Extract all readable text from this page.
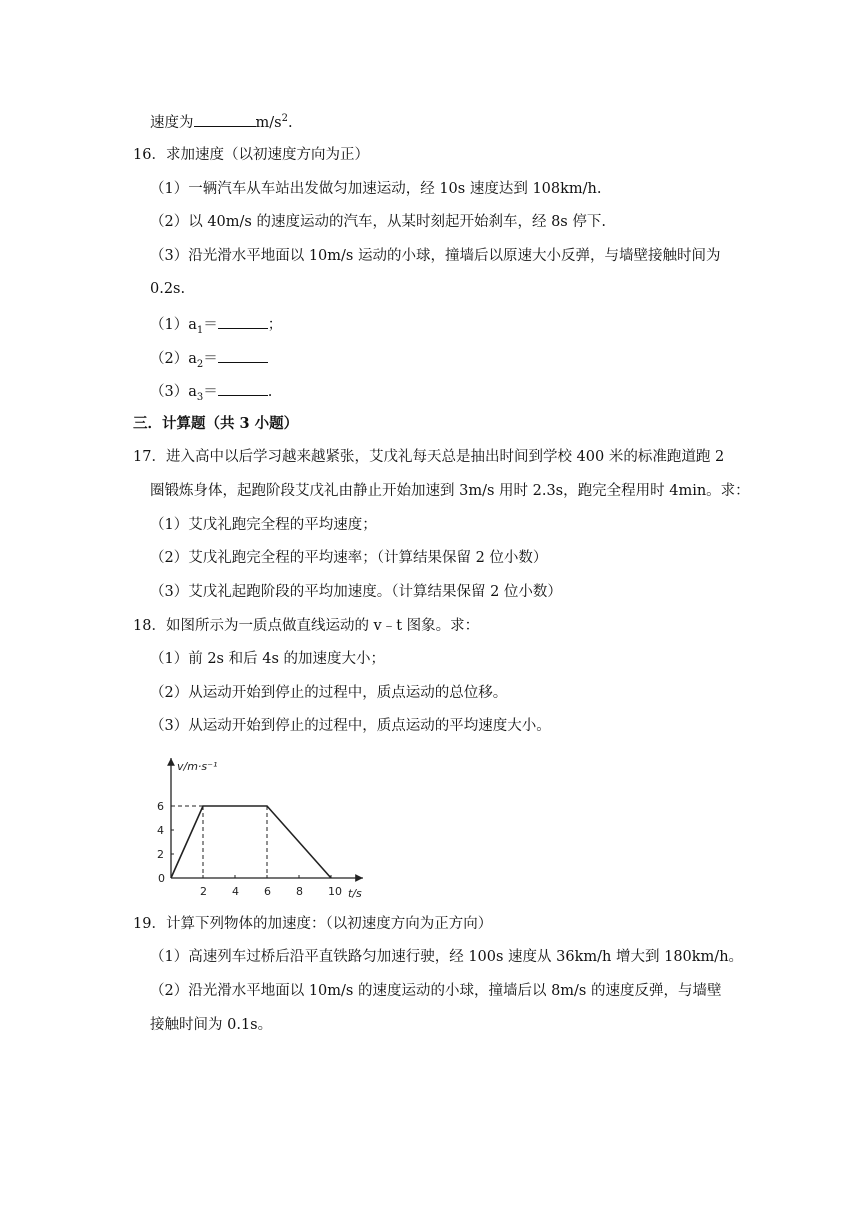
速度为	$m/s^2$.
16．求加速度（以初速度方向为正）
（1）一辆汽车从车站出发做匀加速运动，经 10s 速度达到 108km/h.
（2）以 40m/s 的速度运动的汽车，从某时刻起开始刹车，经 8s 停下.
（3）沿光滑水平地面以 10m/s 运动的小球，撞墙后以原速大小反弹，与墙壁接触时间为
0.2s.
$(1)a_1=$	；
$(2)a_2=$
$(3)a_3=$	.
三．计算题（共 3 小题）
17．进入高中以后学习越来越紧张，艾戊礼每天总是抽出时间到学校 400 米的标准跑道跑 2
圈锻炼身体，起跑阶段艾戊礼由静止开始加速到 3m/s 用时 2.3s，跑完全程用时 4min。求：
（1）艾戊礼跑完全程的平均速度；
（2）艾戊礼跑完全程的平均速率；（计算结果保留 2 位小数）
（3）艾戊礼起跑阶段的平均加速度。（计算结果保留 2 位小数）
18．如图所示为一质点做直线运动的 v﹣t 图象。求：
（1）前 2s 和后 4s 的加速度大小；
（2）从运动开始到停止的过程中，质点运动的总位移。
（3）从运动开始到停止的过程中，质点运动的平均速度大小。
v/m·s⁻¹
t/s
0
2 4 6 8 10
2
4
6
19．计算下列物体的加速度：（以初速度方向为正方向）
（1）高速列车过桥后沿平直铁路匀加速行驶，经 100s 速度从 36km/h 增大到 180km/h。
（2）沿光滑水平地面以 10m/s 的速度运动的小球，撞墙后以 8m/s 的速度反弹，与墙壁
接触时间为 0.1s。
